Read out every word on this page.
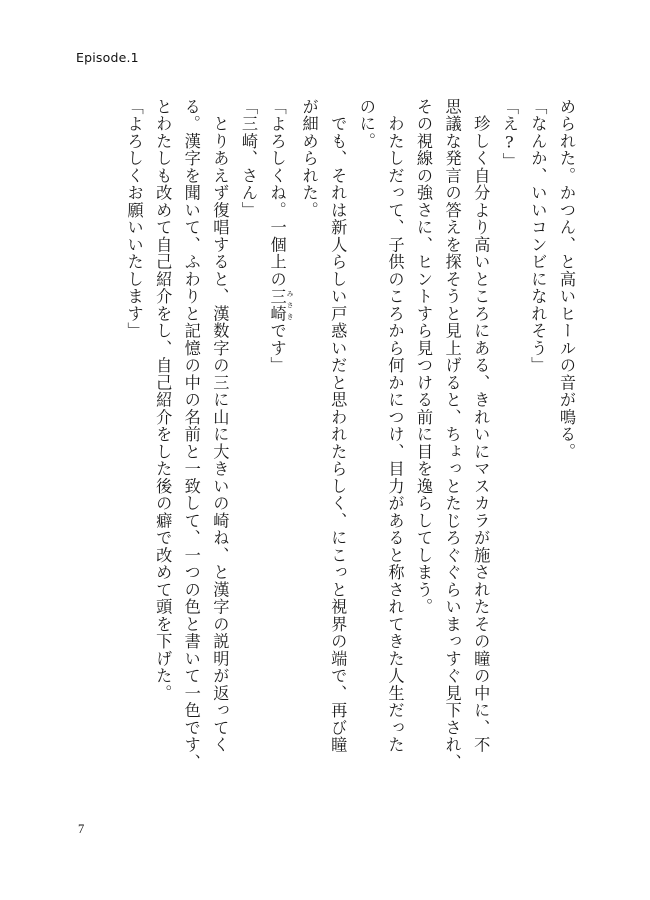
Episode.1
められた。かつん、と高いヒールの音が鳴る。
「なんか、いいコンビになれそう」
「え?」
　珍しく自分より高いところにある、きれいにマスカラが施されたその瞳の中に、不
思議な発言の答えを探そうと見上げると、ちょっとたじろぐぐらいまっすぐ見下され、
その視線の強さに、ヒントすら見つける前に目を逸らしてしまう。
　わたしだって、子供のころから何かにつけ、目力があると称されてきた人生だった
のに。
　でも、それは新人らしい戸惑いだと思われたらしく、にこっと視界の端で、再び瞳
が細められた。
「よろしくね。一個上の三崎 みさきです」
「三崎、さん」
　とりあえず復唱すると、漢数字の三に山に大きいの崎ね、と漢字の説明が返ってく
る。漢字を聞いて、ふわりと記憶の中の名前と一致して、一つの色と書いて一色です、
とわたしも改めて自己紹介をし、自己紹介をした後の癖で改めて頭を下げた。
「よろしくお願いいたします」
7
